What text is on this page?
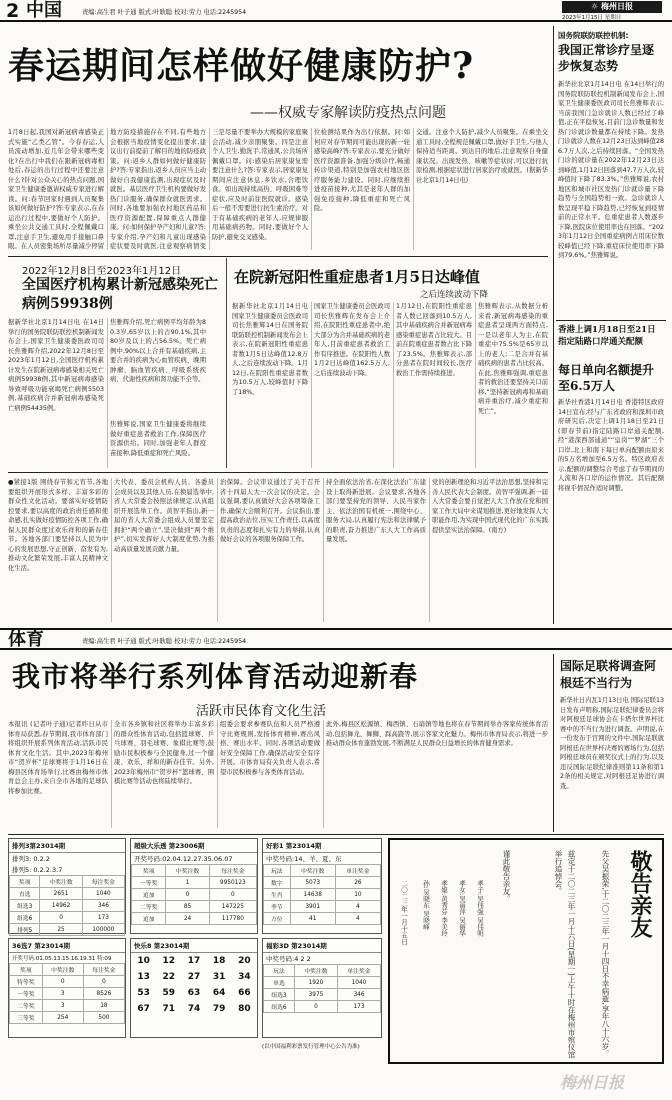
2 中国	责编:高生君 叶子通 版式:叶耿聪 校对:劳力 电话:2245954
☼ 梅州日报
2023年1月15日 星期日
春运期间怎样做好健康防护?
——权威专家解读防疫热点问题
1月8日起,我国对新冠病毒感染正式实施“乙类乙管”。今春春运,人员流动增加,近几年会带来哪些变化?在出行中我们在跟新冠病毒相处后,春运的出行过程中还要注意什么?针对公众关心的热点问题,国家卫生健康委邀请权威专家进行解读。问:春节回家时遇到人员聚集该如何做好防护?答:专家表示,在春运出行过程中,要做好个人防护。乘坐公共交通工具时,全程佩戴口罩,注意手卫生,避免用手接触口鼻眼。在人员密集场所尽量减少停留
地方防疫措施存在不同,有些地方会根据当地疫情变化提出要求,建议出行前提前了解目的地的防疫政策。问:返乡人群如何做好健康防护?答:专家指出,返乡人员应当主动做好自我健康监测,出现症状及时就医。基层医疗卫生机构要做好发热门诊服务,确保群众就医需求。同时,各地要加强农村地区药品和医疗资源配置,保障重点人群健康。问:如何保护孕产妇和儿童?答:专家介绍,孕产妇和儿童出现感染症状要及时就医,注意观察病情变
三是尽量不要举办大规模的家庭聚会活动,减少亲朋聚集。四是注意个人卫生,勤洗手,常通风,公共场所佩戴口罩。问:感染后居家康复需要注意什么?答:专家表示,居家康复期间应注意休息,多饮水,合理饮食。如出现持续高热、呼吸困难等症状,应及时前往医院就诊。感染后一般不需要进行抗生素治疗。对于有基础疾病的老年人,应规律服用基础病药物。同时,要做好个人防护,避免交叉感染。
位检测结果作为出行依据。问:如何应对春节期间可能出现的新一轮感染高峰?答:专家表示,要充分做好医疗资源准备,加强分级诊疗,畅通转诊渠道,特别是加强农村地区医疗服务能力建设。同时,应继续推进疫苗接种,尤其是老年人群的加强免疫接种,降低重症和死亡风险。
交通。注意个人防护,减少人员聚集。在乘坐交通工具时,全程规范佩戴口罩,做好手卫生,与他人保持适当距离。到达目的地后,注意观察自身健康状况。出现发热、咳嗽等症状时,可以进行抗原检测,根据症状进行居家治疗或就医。(据新华社北京1月14日电)
国务院联防联控机制:
我国正常诊疗呈逐步恢复态势
新华社北京1月14日电 在14日举行的国务院联防联控机制新闻发布会上,国家卫生健康委医政司司长焦雅辉表示,当前我国门急诊就诊人数已经过了峰值,正在平稳恢复,目前门急诊数量和发热门诊就诊数量都在持续下降。发热门诊就诊人数在12月23日达到峰值286.7万人次,之后持续回落。“全国发热门诊的就诊量在2022年12月23日达到峰值,1月12日回落到47.7万人次,较峰值时下降了83.3%。”焦雅辉说,农村地区和城市社区发热门诊就诊量下降趋势与全国趋势相一致。急诊就诊人数呈现平稳下降趋势,已经恢复到疫情前的正常水平。危重症患者人数逐步下降,医院床位使用率也在回落。“2023年1月12日全国重症病例占用床位数较峰值已经下降,重症床位使用率下降到79.6%。”焦雅辉说。
2022年12月8日至2023年1月12日
全国医疗机构累计新冠感染死亡病例59938例
据新华社北京1月14日电 在14日举行的国务院联防联控机制新闻发布会上,国家卫生健康委医政司司长焦雅辉介绍,2022年12月8日至2023年1月12日,全国医疗机构累计发生在院新冠病毒感染相关死亡病例59938例,其中新冠病毒感染导致呼吸功能衰竭死亡病例5503例,基础疾病合并新冠病毒感染死亡病例54435例。
焦雅辉介绍,死亡病例平均年龄为80.3岁,65岁以上的占90.1%,其中80岁及以上的占56.5%。死亡病例中,90%以上合并有基础疾病,主要合并的疾病为心血管疾病、晚期肿瘤、脑血管疾病、呼吸系统疾病、代谢性疾病和肾功能不全等。
焦雅辉说,国家卫生健康委将继续做好重症患者救治工作,保障医疗资源供给。同时,加强老年人群疫苗接种,降低重症和死亡风险。
在院新冠阳性重症患者1月5日达峰值
之后连续波动下降
据新华社北京1月14日电 国家卫生健康委员会医政司司长焦雅辉14日在国务院联防联控机制新闻发布会上表示,在院新冠阳性重症患者数1月5日达峰值12.8万人,之后连续波动下降。1月12日,在院阳性重症患者数为10.5万人,较峰值时下降了18%。
国家卫生健康委员会医政司司长焦雅辉在发布会上介绍,在院阳性重症患者中,绝大部分为合并基础疾病的老年人,目前重症患者救治工作有序推进。在院阳性人数1月2日达峰值162.5万人,之后连续波动下降。
1月12日,在院阳性重症患者人数已回落到10.5万人,其中基础疾病合并新冠病毒感染重症患者占比较大。目前在院重症患者数占比下降了23.5%。焦雅辉表示,部分患者在院时间较长,医疗救治工作需持续推进。
焦雅辉表示,从数据分析来看,新冠病毒感染的重症患者呈现两方面特点,一是以老年人为主,在院重症中75.5%是65岁以上的老人;二是合并有基础疾病的患者占比较高。在此,焦雅辉强调,重症患者的救治还要坚持关口前移,“坚持新冠病毒和基础病并重治疗,减少重症和死亡”。
香港上调1月18日至21日指定陆路口岸通关配额
每日单向名额提升至6.5万人
新华社香港1月14日电 香港特区政府14日宣布,经与广东省政府和深圳市政府研究后,决定上调1月18日至21日(即春节前)指定陆路口岸通关配额,经“港深西部通道”“皇岗”“罗湖”三个口岸,北上和南下每日单向配额由原来的5万名增加至6.5万名。特区政府表示,配额的调整综合考虑了春节期间的人流和各口岸的运作情况。其后配额将视乎情况作适时调整。
●紧接1版 围绕春节和元宵节,各地要组织开展形式多样、丰富多彩的群众性文化活动。要落实好疫情防控要求,要以高度的政治责任感和使命感,扎实做好疫情防控各项工作,确保人民群众度过欢乐祥和的新春佳节。各地各部门要坚持以人民为中心的发展思想,守正创新、奋发有为,推动文化繁荣发展,丰富人民精神文化生活。
大代表、委员会机构人员、各委员会成员以及其他人员,在换届选举中,省人大常委会按照法律规定,认真组织开展选举工作。黄智平指出,新一届的省人大常委会组成人员要坚定拥护“两个确立”,坚决做到“两个维护”,切实发挥好人大制度优势,为推动高质量发展贡献力量。
治保障。会议审议通过了关于召开省十四届人大一次会议的决定。会议强调,要认真做好大会各项筹备工作,确保大会顺利召开。会议指出,要提高政治站位,压实工作责任,以高度负责的态度和扎实有力的举措,认真做好会议的各项服务保障工作。
持全面依法治省,在深化法治广东建设上取得新进展。会议要求,各地各部门要坚持党的领导、人民当家作主、依法治国有机统一,围绕中心、服务大局,认真履行宪法和法律赋予的职责,奋力推进广东人大工作高质量发展。
党的创新理论和习近平法治思想,坚持和完善人民代表大会制度。黄智平强调,新一届人大常委会要自觉把人大工作放在党和国家工作大局中来谋划推进,更好地发挥人大职能作用,为实现中国式现代化的广东实践提供坚实法治保障。(南方)
体育	责编:高生君 叶子通 版式:叶耿聪 校对:劳力 电话:2245954
我市将举行系列体育活动迎新春
活跃市民体育文化生活
本报讯 (记者叶子通)记者昨日从市体育局获悉,春节期间,我市体育部门将组织开展系列体育活动,活跃市民体育文化生活。其中,2023年梅州市“贺岁杯”足球赛将于1月16日在梅县区体育场举行,比赛由梅州市体育总会主办,来自全市各地的足球队将参加比赛。
全市各乡镇和社区将举办丰富多彩的群众性体育活动,包括篮球赛、乒乓球赛、羽毛球赛、象棋比赛等,鼓励市民积极参与全民健身,过一个健康、欢乐、祥和的新春佳节。另外,2023年梅州市“贺岁杯”篮球赛、围棋比赛等活动也将陆续举行。
组委会要求参赛队伍和人员严格遵守比赛规则,发扬体育精神,赛出风格、赛出水平。同时,各项活动要做好安全保障工作,确保活动安全有序开展。市体育局有关负责人表示,希望市民积极参与各类体育活动。
此外,梅县区松源镇、梅西镇、石扇镇等地也将在春节期间举办客家传统体育活动,包括舞龙、舞狮、踩高跷等,展示客家文化魅力。梅州市体育局表示,将进一步推动群众体育蓬勃发展,不断满足人民群众日益增长的体育健身需求。
国际足联将调查阿根廷不当行为
新华社日内瓦1月13日电 国际足联13日发布声明称,国际足联纪律委员会将对阿根廷足球协会在卡塔尔世界杯比赛中的不当行为进行调查。声明说,在一份发布于官网的文件中,国际足联就阿根廷在世界杯决赛的赛场行为,包括阿根廷球员在颁奖仪式上的行为,以及违反国际足联纪律准则第11条和第12条的相关规定,对阿根廷足协进行调查。
排列3第23014期
排列3: 0.2.2
排列5: 0.2.2.3.7
奖项	中奖注数	每注奖金
直选	2651	1040
组选3	14962	346
组选6	0	173
排列5	25	100000
超级大乐透 第23006期
开奖号码:02.04.12.27.35.06.07
奖项	中奖注数	每注奖金
一等奖	1	9950123
追加	0	0
二等奖	85	147225
追加	24	117780
好彩1 第23014期
中奖号码:14、羊、夏、东
玩法	中奖注数	单注奖金
数字	5073	26
生肖	14638	10
季节	3901	4
方位	41	4
36选7 第23014期
开奖号码:01.05.13.15.16.19.31 特:09
奖项	中奖注数	每注奖金
特等奖	0	0
一等奖	3	8526
二等奖	3	18
三等奖	254	500
快乐8 第23014期
10	12	17	18	20
13	22	27	31	34
53	59	63	64	66
67	71	74	79	80
福彩3D 第23014期
中奖号码:4 2 2
玩法	中奖注数	单注奖金
单选	1920	1040
组选3	3975	346
组选6	0	173
(以中国福利彩票发行管理中心公告为准)
二〇二三年一月十五日	孙:吴晓东 吴晓峰	孝媳:黄秀芬 李美玲	孝女:吴丽萍 吴丽华	孝子:吴伟强 吴伟明
谨此敬告亲友。	兹定于二〇二三年一月十六日(星期一)上午十时在梅州市殡仪馆举行追悼会。	先父吴振荣,于二〇二三年一月十四日不幸病逝,享年八十六岁。 敬告亲友
梅州日报
